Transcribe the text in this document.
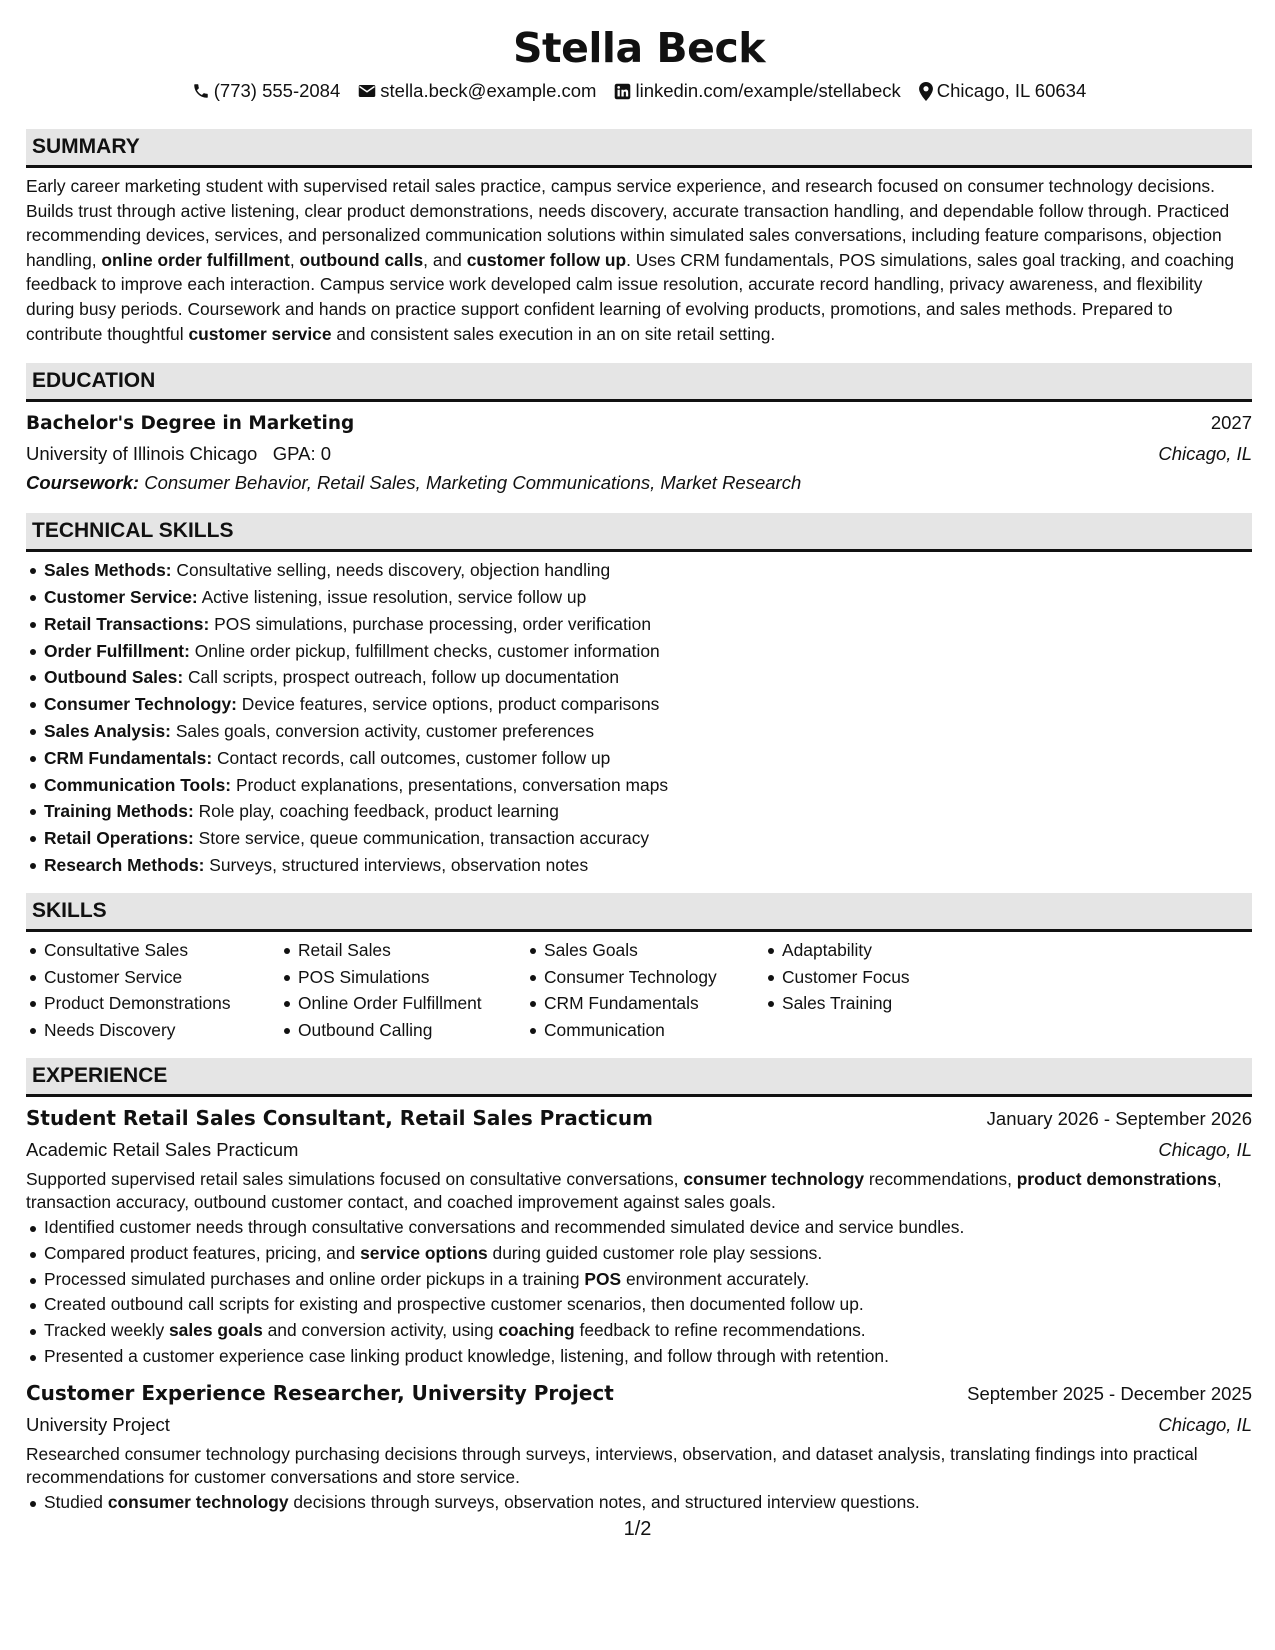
Stella Beck
(773) 555-2084 stella.beck@example.com linkedin.com/example/stellabeck Chicago, IL 60634
SUMMARY

Early career marketing student with supervised retail sales practice, campus service experience, and research focused on consumer technology decisions. Builds trust through active listening, clear product demonstrations, needs discovery, accurate transaction handling, and dependable follow through. Practiced recommending devices, services, and personalized communication solutions within simulated sales conversations, including feature comparisons, objection handling, online order fulfillment, outbound calls, and customer follow up. Uses CRM fundamentals, POS simulations, sales goal tracking, and coaching feedback to improve each interaction. Campus service work developed calm issue resolution, accurate record handling, privacy awareness, and flexibility during busy periods. Coursework and hands on practice support confident learning of evolving products, promotions, and sales methods. Prepared to contribute thoughtful customer service and consistent sales execution in an on site retail setting.

EDUCATION
Bachelor's Degree in Marketing	2027
University of Illinois Chicago GPA: 0	Chicago, IL
Coursework: Consumer Behavior, Retail Sales, Marketing Communications, Market Research
TECHNICAL SKILLS
Sales Methods: Consultative selling, needs discovery, objection handling
Customer Service: Active listening, issue resolution, service follow up
Retail Transactions: POS simulations, purchase processing, order verification
Order Fulfillment: Online order pickup, fulfillment checks, customer information
Outbound Sales: Call scripts, prospect outreach, follow up documentation
Consumer Technology: Device features, service options, product comparisons
Sales Analysis: Sales goals, conversion activity, customer preferences
CRM Fundamentals: Contact records, call outcomes, customer follow up
Communication Tools: Product explanations, presentations, conversation maps
Training Methods: Role play, coaching feedback, product learning
Retail Operations: Store service, queue communication, transaction accuracy
Research Methods: Surveys, structured interviews, observation notes
SKILLS
Consultative Sales
Customer Service
Product Demonstrations
Needs Discovery
Retail Sales
POS Simulations
Online Order Fulfillment
Outbound Calling
Sales Goals
Consumer Technology
CRM Fundamentals
Communication
Adaptability
Customer Focus
Sales Training
EXPERIENCE
Student Retail Sales Consultant, Retail Sales Practicum	January 2026 - September 2026
Academic Retail Sales Practicum	Chicago, IL

Supported supervised retail sales simulations focused on consultative conversations, consumer technology recommendations, product demonstrations, transaction accuracy, outbound customer contact, and coached improvement against sales goals.

Identified customer needs through consultative conversations and recommended simulated device and service bundles.
Compared product features, pricing, and service options during guided customer role play sessions.
Processed simulated purchases and online order pickups in a training POS environment accurately.
Created outbound call scripts for existing and prospective customer scenarios, then documented follow up.
Tracked weekly sales goals and conversion activity, using coaching feedback to refine recommendations.
Presented a customer experience case linking product knowledge, listening, and follow through with retention.
Customer Experience Researcher, University Project	September 2025 - December 2025
University Project	Chicago, IL

Researched consumer technology purchasing decisions through surveys, interviews, observation, and dataset analysis, translating findings into practical recommendations for customer conversations and store service.

Studied consumer technology decisions through surveys, observation notes, and structured interview questions.
1/2
